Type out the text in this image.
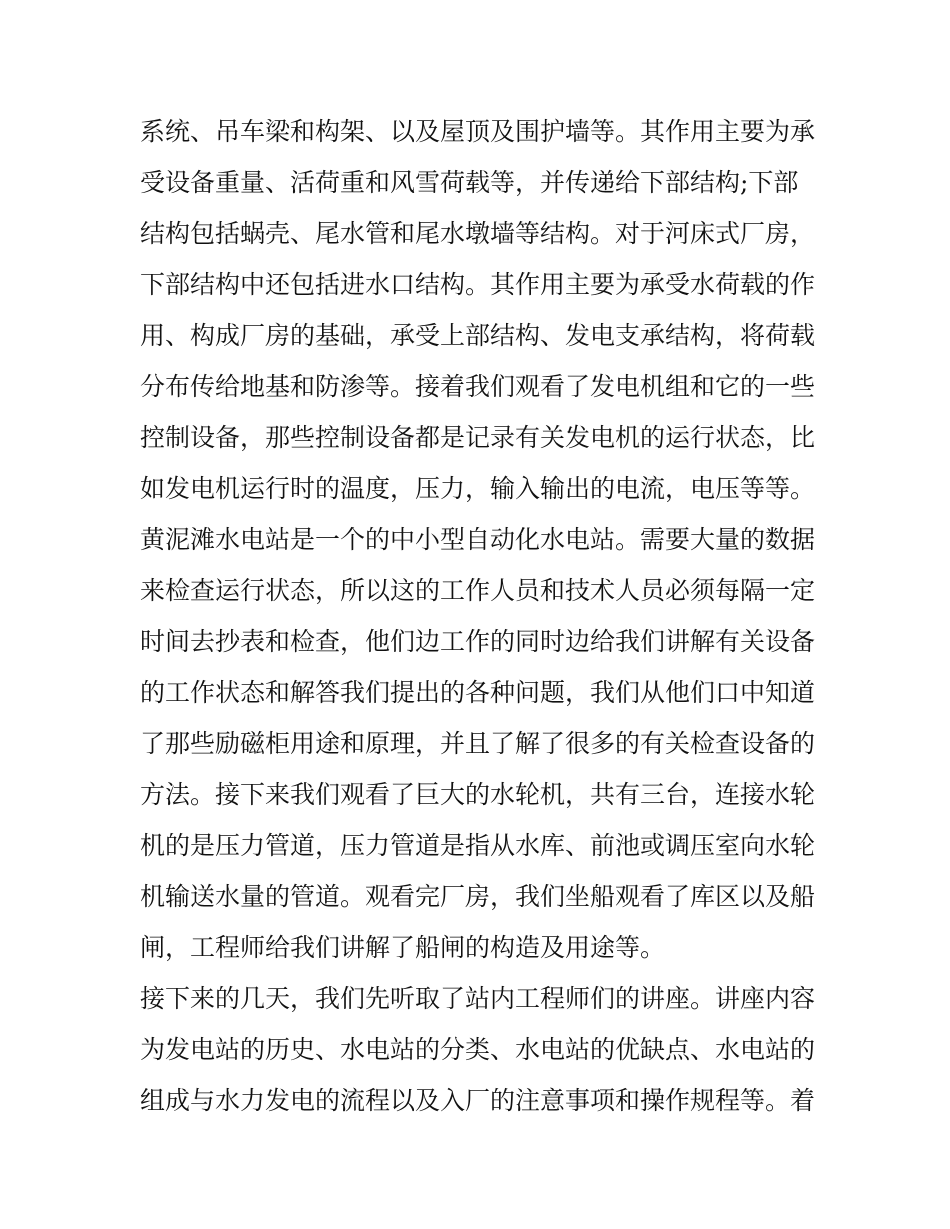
系统、吊车梁和构架、以及屋顶及围护墙等。其作用主要为承
受设备重量、活荷重和风雪荷载等，并传递给下部结构;下部
结构包括蜗壳、尾水管和尾水墩墙等结构。对于河床式厂房，
下部结构中还包括进水口结构。其作用主要为承受水荷载的作
用、构成厂房的基础，承受上部结构、发电支承结构，将荷载
分布传给地基和防渗等。接着我们观看了发电机组和它的一些
控制设备，那些控制设备都是记录有关发电机的运行状态，比
如发电机运行时的温度，压力，输入输出的电流，电压等等。
黄泥滩水电站是一个的中小型自动化水电站。需要大量的数据
来检查运行状态，所以这的工作人员和技术人员必须每隔一定
时间去抄表和检查，他们边工作的同时边给我们讲解有关设备
的工作状态和解答我们提出的各种问题，我们从他们口中知道
了那些励磁柜用途和原理，并且了解了很多的有关检查设备的
方法。接下来我们观看了巨大的水轮机，共有三台，连接水轮
机的是压力管道，压力管道是指从水库、前池或调压室向水轮
机输送水量的管道。观看完厂房，我们坐船观看了库区以及船
闸，工程师给我们讲解了船闸的构造及用途等。
接下来的几天，我们先听取了站内工程师们的讲座。讲座内容
为发电站的历史、水电站的分类、水电站的优缺点、水电站的
组成与水力发电的流程以及入厂的注意事项和操作规程等。着
